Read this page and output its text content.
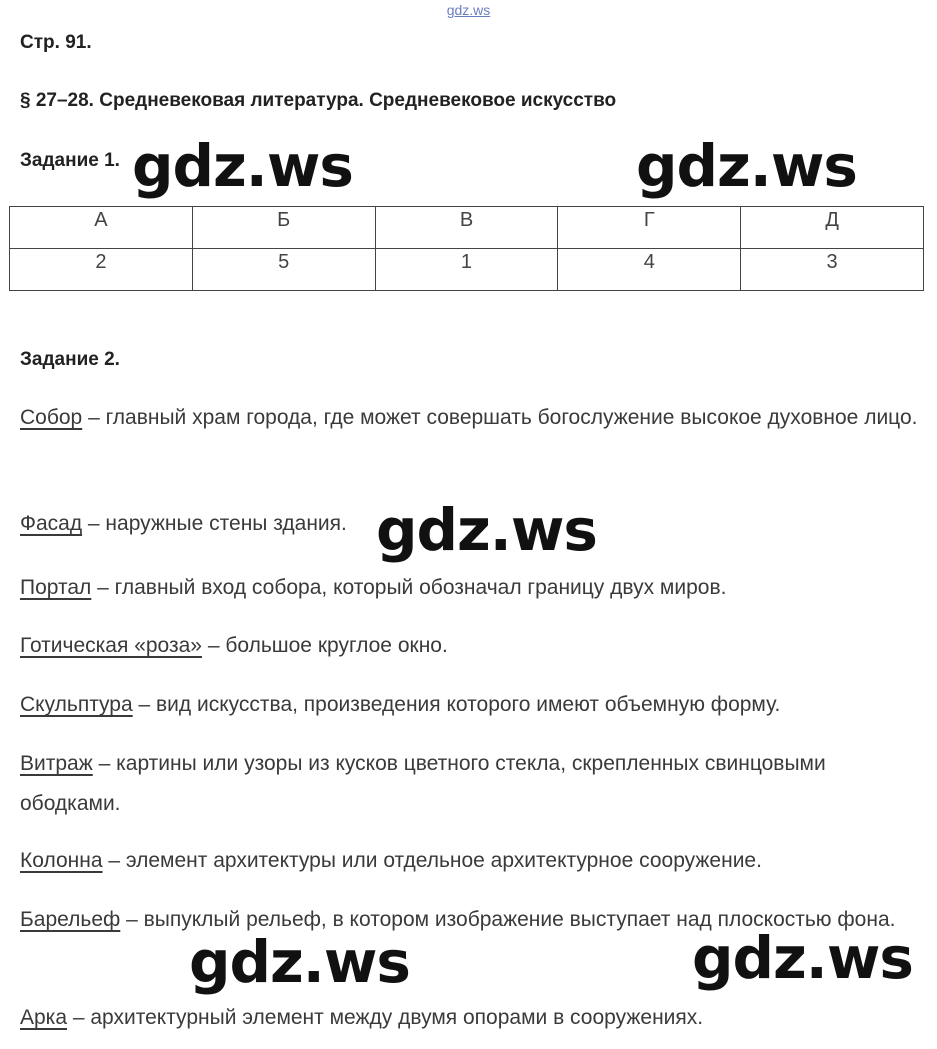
gdz.ws
Стр. 91.
§ 27–28. Средневековая литература. Средневековое искусство
Задание 1.
А	Б	В	Г	Д
2	5	1	4	3
Задание 2.
Собор – главный храм города, где может совершать богослужение высокое духовное лицо.
Фасад – наружные стены здания.
Портал – главный вход собора, который обозначал границу двух миров.
Готическая «роза» – большое круглое окно.
Скульптура – вид искусства, произведения которого имеют объемную форму.
Витраж – картины или узоры из кусков цветного стекла, скрепленных свинцовыми ободками.
Колонна – элемент архитектуры или отдельное архитектурное сооружение.
Барельеф – выпуклый рельеф, в котором изображение выступает над плоскостью фона.
Арка – архитектурный элемент между двумя опорами в сооружениях.
gdz.ws	gdz.ws
gdz.ws
gdz.ws	gdz.ws
